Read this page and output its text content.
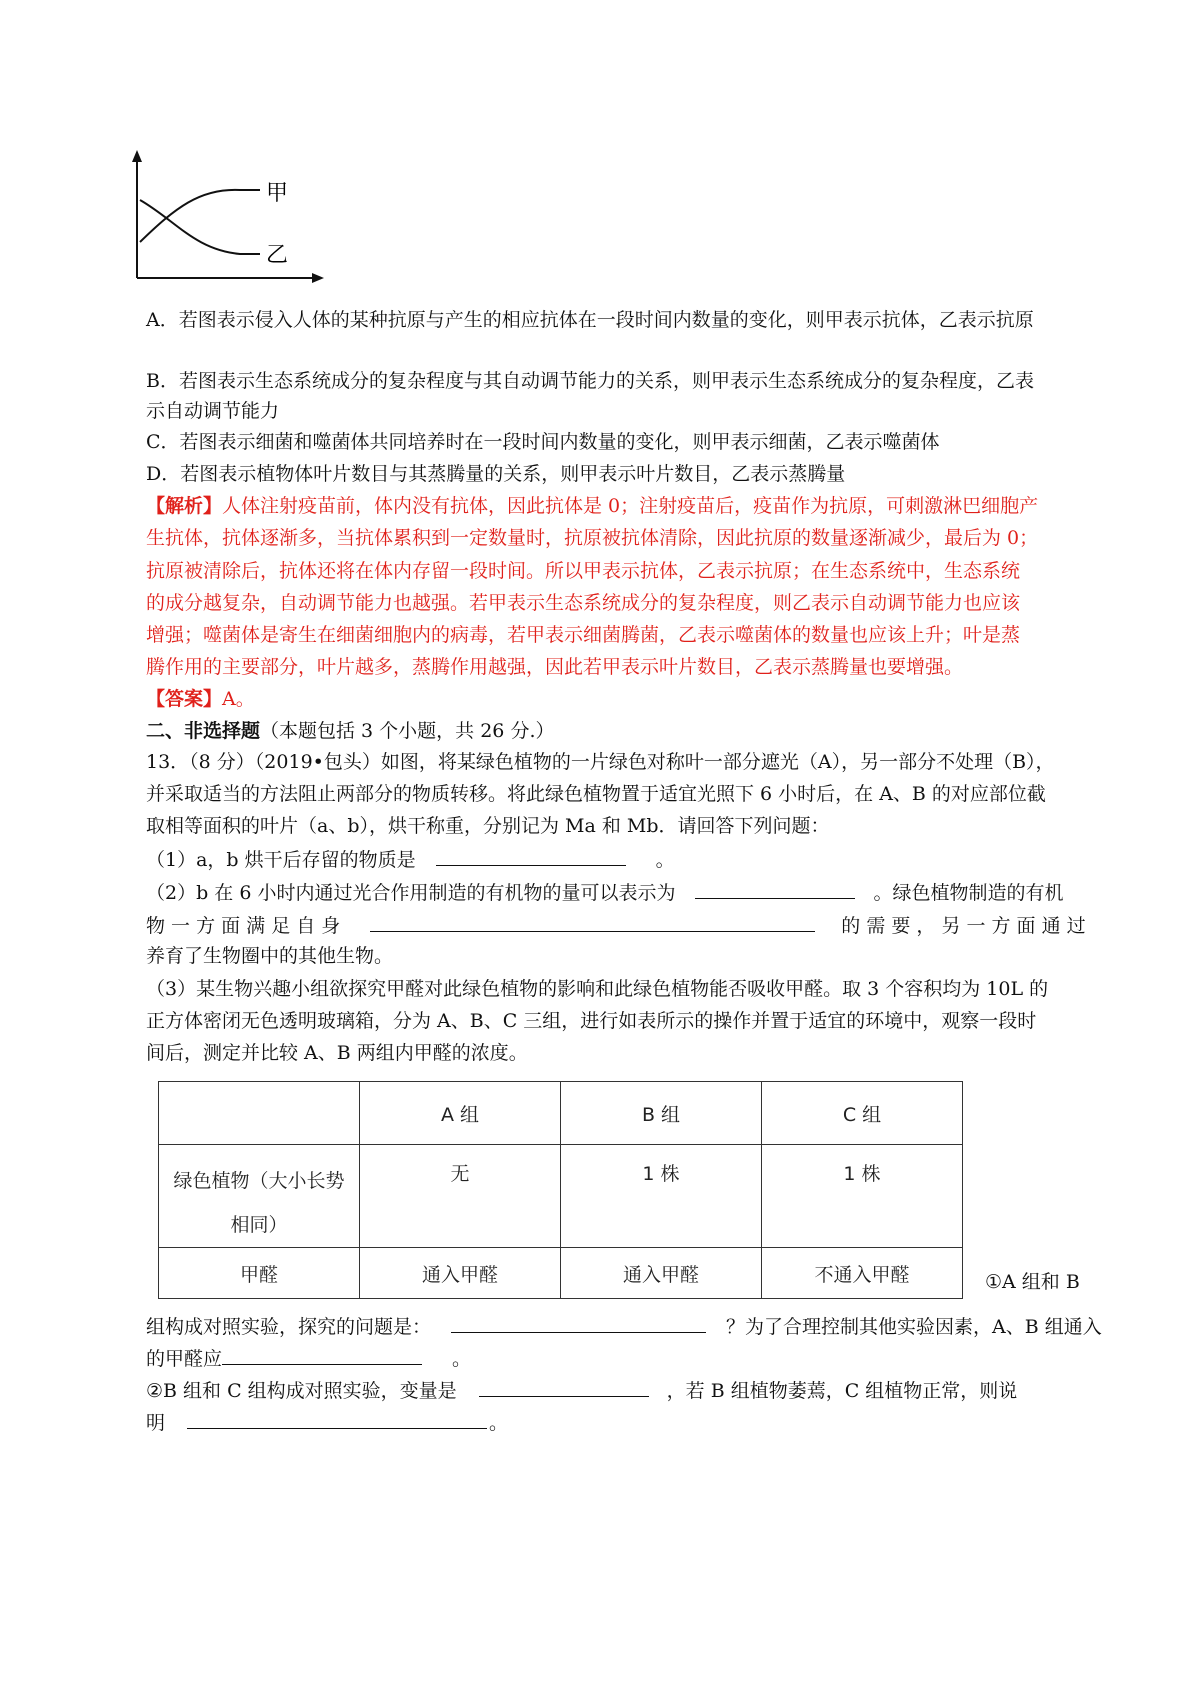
甲
乙
A．若图表示侵入人体的某种抗原与产生的相应抗体在一段时间内数量的变化，则甲表示抗体，乙表示抗原
B．若图表示生态系统成分的复杂程度与其自动调节能力的关系，则甲表示生态系统成分的复杂程度，乙表
示自动调节能力
C．若图表示细菌和噬菌体共同培养时在一段时间内数量的变化，则甲表示细菌，乙表示噬菌体
D．若图表示植物体叶片数目与其蒸腾量的关系，则甲表示叶片数目，乙表示蒸腾量
【解析】人体注射疫苗前，体内没有抗体，因此抗体是 0；注射疫苗后，疫苗作为抗原，可刺激淋巴细胞产
生抗体，抗体逐渐多，当抗体累积到一定数量时，抗原被抗体清除，因此抗原的数量逐渐减少，最后为 0；
抗原被清除后，抗体还将在体内存留一段时间。所以甲表示抗体，乙表示抗原；在生态系统中，生态系统
的成分越复杂，自动调节能力也越强。若甲表示生态系统成分的复杂程度，则乙表示自动调节能力也应该
增强；噬菌体是寄生在细菌细胞内的病毒，若甲表示细菌腾菌，乙表示噬菌体的数量也应该上升；叶是蒸
腾作用的主要部分，叶片越多，蒸腾作用越强，因此若甲表示叶片数目，乙表示蒸腾量也要增强。
【答案】A。
二、非选择题（本题包括 3 个小题，共 26 分.）
13．（8 分）（2019•包头）如图，将某绿色植物的一片绿色对称叶一部分遮光（A），另一部分不处理（B），
并采取适当的方法阻止两部分的物质转移。将此绿色植物置于适宜光照下 6 小时后，在 A、B 的对应部位截
取相等面积的叶片（a、b），烘干称重，分别记为 Ma 和 Mb．请回答下列问题：
（1）a，b 烘干后存留的物质是	。
（2）b 在 6 小时内通过光合作用制造的有机物的量可以表示为	。绿色植物制造的有机
物 一 方 面 满 足 自 身	的 需 要 ， 另 一 方 面 通 过
养育了生物圈中的其他生物。
（3）某生物兴趣小组欲探究甲醛对此绿色植物的影响和此绿色植物能否吸收甲醛。取 3 个容积均为 10L 的
正方体密闭无色透明玻璃箱，分为 A、B、C 三组，进行如表所示的操作并置于适宜的环境中，观察一段时
间后，测定并比较 A、B 两组内甲醛的浓度。
	A 组	B 组	C 组

绿色植物（大小长势
相同）	无	1 株	1 株

甲醛	通入甲醛	通入甲醛	不通入甲醛	①A 组和 B
组构成对照实验，探究的问题是：	？为了合理控制其他实验因素，A、B 组通入
的甲醛应	。
②B 组和 C 组构成对照实验，变量是	，若 B 组植物萎蔫，C 组植物正常，则说
明	。
